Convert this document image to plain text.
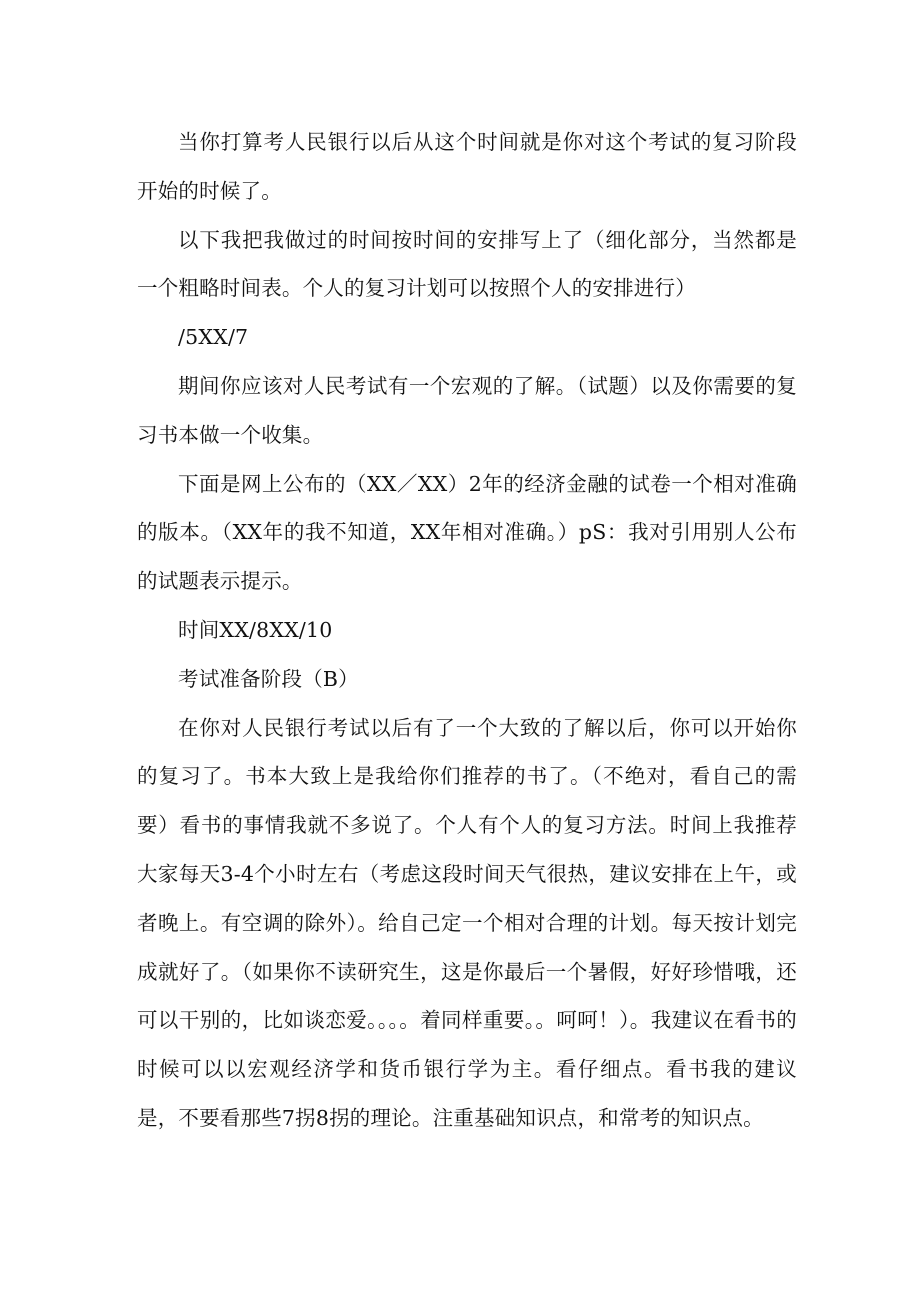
当你打算考人民银行以后从这个时间就是你对这个考试的复习阶段开始的时候了。

以下我把我做过的时间按时间的安排写上了（细化部分，当然都是一个粗略时间表。个人的复习计划可以按照个人的安排进行）

/5XX/7

期间你应该对人民考试有一个宏观的了解。（试题）以及你需要的复习书本做一个收集。

下面是网上公布的（XX／XX）2年的经济金融的试卷一个相对准确的版本。（XX年的我不知道，XX年相对准确。）pS：我对引用别人公布的试题表示提示。

时间XX/8XX/10

考试准备阶段（B）

在你对人民银行考试以后有了一个大致的了解以后，你可以开始你的复习了。书本大致上是我给你们推荐的书了。（不绝对，看自己的需要）看书的事情我就不多说了。个人有个人的复习方法。时间上我推荐大家每天3-4个小时左右（考虑这段时间天气很热，建议安排在上午，或者晚上。有空调的除外）。给自己定一个相对合理的计划。每天按计划完成就好了。（如果你不读研究生，这是你最后一个暑假，好好珍惜哦，还可以干别的，比如谈恋爱。。。。着同样重要。。呵呵！）。我建议在看书的时候可以以宏观经济学和货币银行学为主。看仔细点。看书我的建议是，不要看那些7拐8拐的理论。注重基础知识点，和常考的知识点。
